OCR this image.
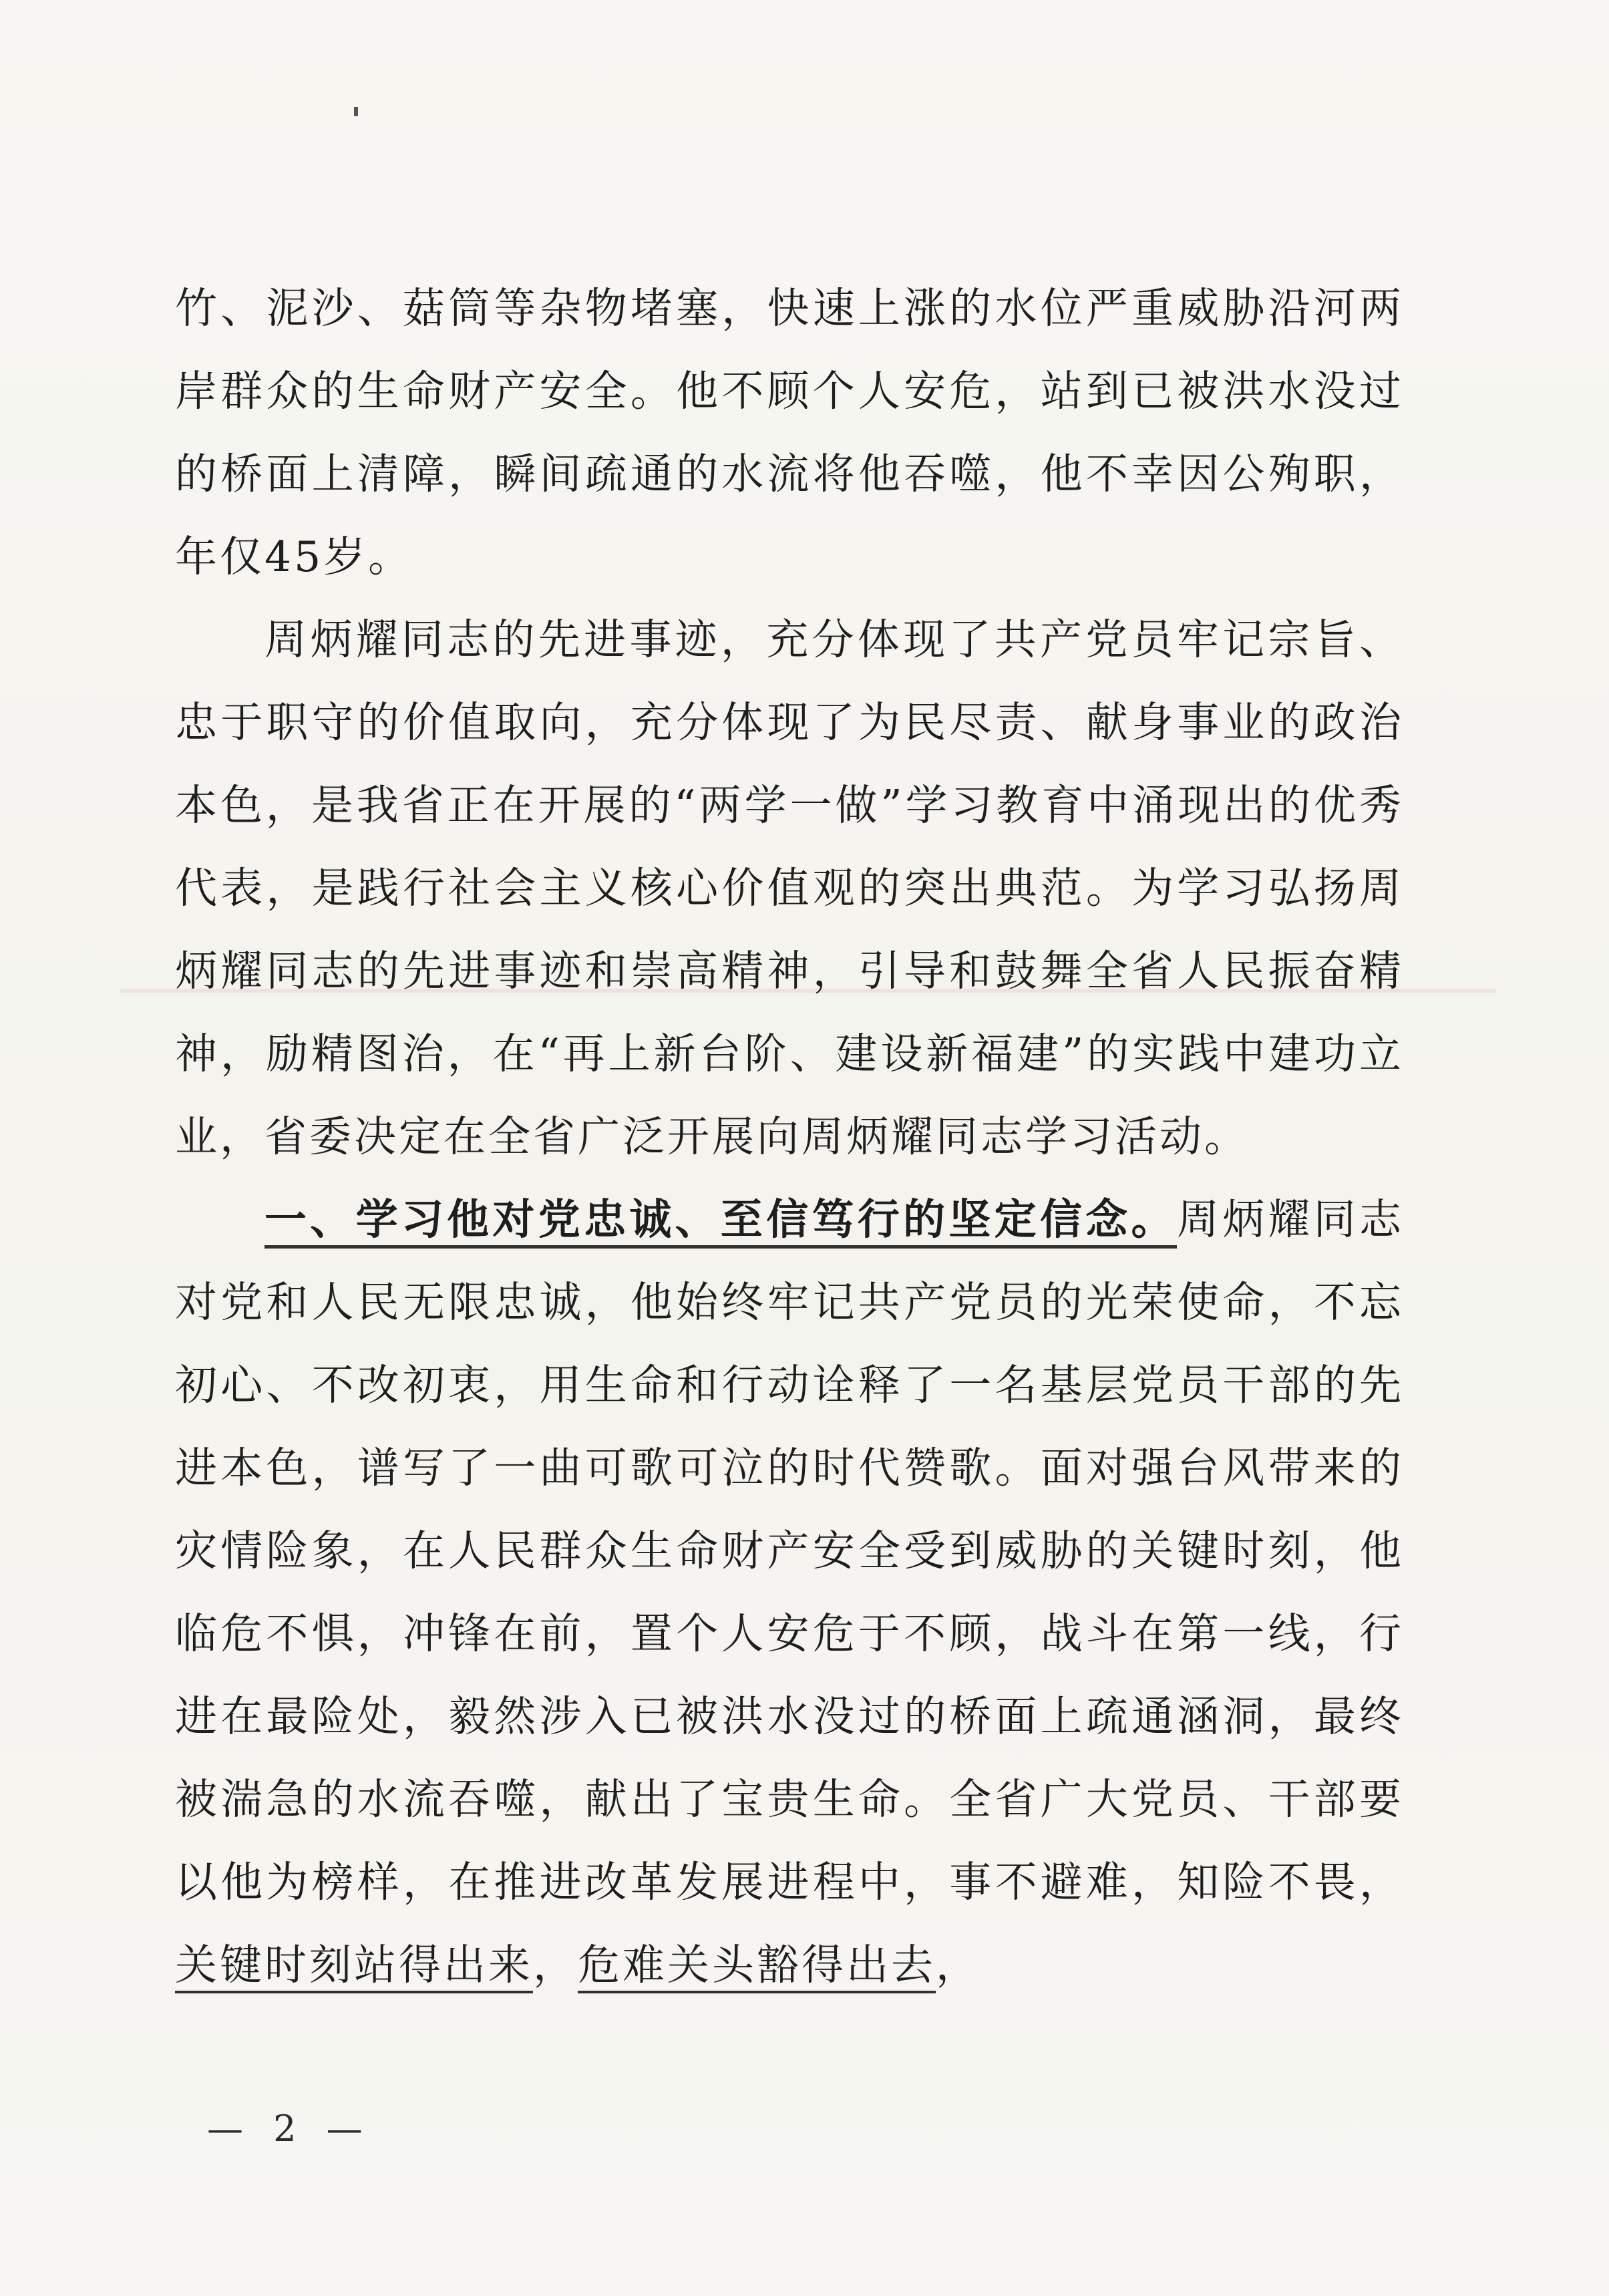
竹、泥沙、菇筒等杂物堵塞，快速上涨的水位严重威胁沿河两岸群众的生命财产安全。他不顾个人安危，站到已被洪水没过的桥面上清障，瞬间疏通的水流将他吞噬，他不幸因公殉职，年仅45岁。

周炳耀同志的先进事迹，充分体现了共产党员牢记宗旨、忠于职守的价值取向，充分体现了为民尽责、献身事业的政治本色，是我省正在开展的“两学一做”学习教育中涌现出的优秀代表，是践行社会主义核心价值观的突出典范。为学习弘扬周炳耀同志的先进事迹和崇高精神，引导和鼓舞全省人民振奋精神，励精图治，在“再上新台阶、建设新福建”的实践中建功立业，省委决定在全省广泛开展向周炳耀同志学习活动。

一、学习他对党忠诚、至信笃行的坚定信念。周炳耀同志对党和人民无限忠诚，他始终牢记共产党员的光荣使命，不忘初心、不改初衷，用生命和行动诠释了一名基层党员干部的先进本色，谱写了一曲可歌可泣的时代赞歌。面对强台风带来的灾情险象，在人民群众生命财产安全受到威胁的关键时刻，他临危不惧，冲锋在前，置个人安危于不顾，战斗在第一线，行进在最险处，毅然涉入已被洪水没过的桥面上疏通涵洞，最终被湍急的水流吞噬，献出了宝贵生命。全省广大党员、干部要以他为榜样，在推进改革发展进程中，事不避难，知险不畏，关键时刻站得出来，危难关头豁得出去，

— 2 —
